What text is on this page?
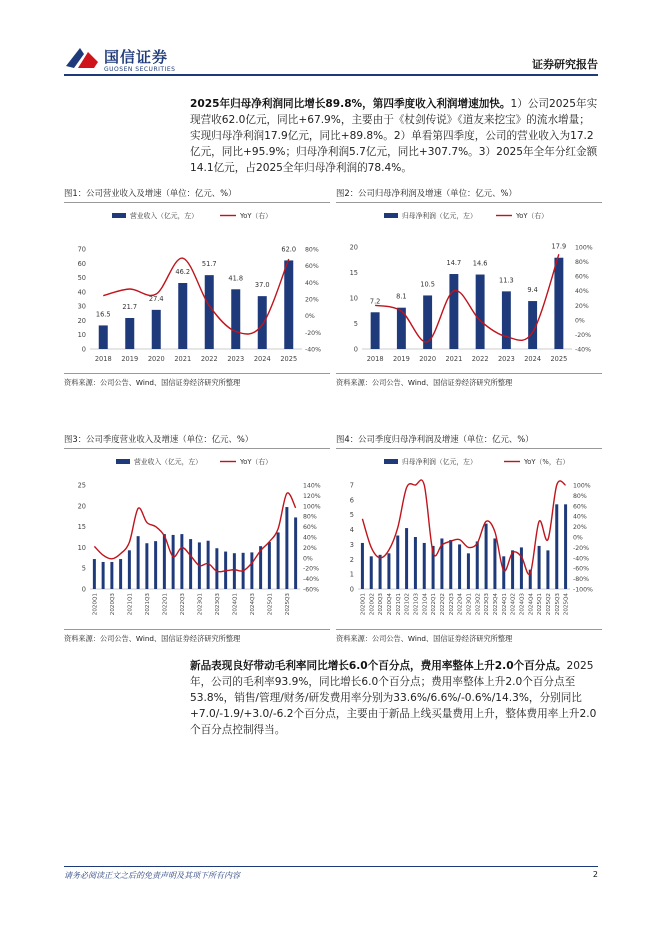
国信证券
GUOSEN SECURITIES	证券研究报告
2025年归母净利润同比增长89.8%，第四季度收入利润增速加快。1）公司2025年实现营收62.0亿元，同比+67.9%，主要由于《杖剑传说》《道友来挖宝》的流水增量；实现归母净利润17.9亿元，同比+89.8%。2）单看第四季度，公司的营业收入为17.2亿元，同比+95.9%；归母净利润5.7亿元，同比+307.7%。3）2025年全年分红金额14.1亿元，占2025全年归母净利润的78.4%。
图1：公司营业收入及增速（单位：亿元、%）
营业收入（亿元，左）	YoY（右）
0
10
20
30
40
50
60
70
-40%
-20%
0%
20%
40%
60%
80%
16.5
21.7
27.4
46.2
51.7
41.8
37.0
62.0
2018 2019 2020 2021 2022 2023 2024 2025
资料来源：公司公告、Wind、国信证券经济研究所整理
图2：公司归母净利润及增速（单位：亿元、%）
归母净利润（亿元，左）	YoY（右）
0
5
10
15
20
-40%
-20%
0%
20%
40%
60%
80%
100%
7.2
8.1
10.5
14.7 14.6
11.3
9.4
17.9
2018 2019 2020 2021 2022 2023 2024 2025
资料来源：公司公告、Wind、国信证券经济研究所整理
图3：公司季度营业收入及增速（单位：亿元、%）
营业收入（亿元，左）	YoY（右）
0
5
10
15
20
25
-60%
-40%
-20%
0%
20%
40%
60%
80%
100%
120%
140%
2020Q1 2020Q3 2021Q1 2021Q3 2022Q1 2022Q3 2023Q1 2023Q3 2024Q1 2024Q3 2025Q1 2025Q3
资料来源：公司公告、Wind、国信证券经济研究所整理
图4：公司季度归母净利润及增速（单位：亿元、%）
归母净利润（亿元，左）	YoY（%，右）
0
1
2
3
4
5
6
7
-100%
-80%
-60%
-40%
-20%
0%
20%
40%
60%
80%
100%
2020Q1 2020Q2 2020Q3 2020Q4 2021Q1 2021Q2 2021Q3 2021Q4 2022Q1 2022Q2 2022Q3 2022Q4 2023Q1 2023Q2 2023Q3 2023Q4 2024Q1 2024Q2 2024Q3 2024Q4 2025Q1 2025Q2 2025Q3 2025Q4
资料来源：公司公告、Wind、国信证券经济研究所整理
新品表现良好带动毛利率同比增长6.0个百分点，费用率整体上升2.0个百分点。2025年，公司的毛利率93.9%，同比增长6.0个百分点；费用率整体上升2.0个百分点至53.8%，销售/管理/财务/研发费用率分别为33.6%/6.6%/-0.6%/14.3%，分别同比+7.0/-1.9/+3.0/-6.2个百分点，主要由于新品上线买量费用上升，整体费用率上升2.0个百分点控制得当。
请务必阅读正文之后的免责声明及其项下所有内容	2
